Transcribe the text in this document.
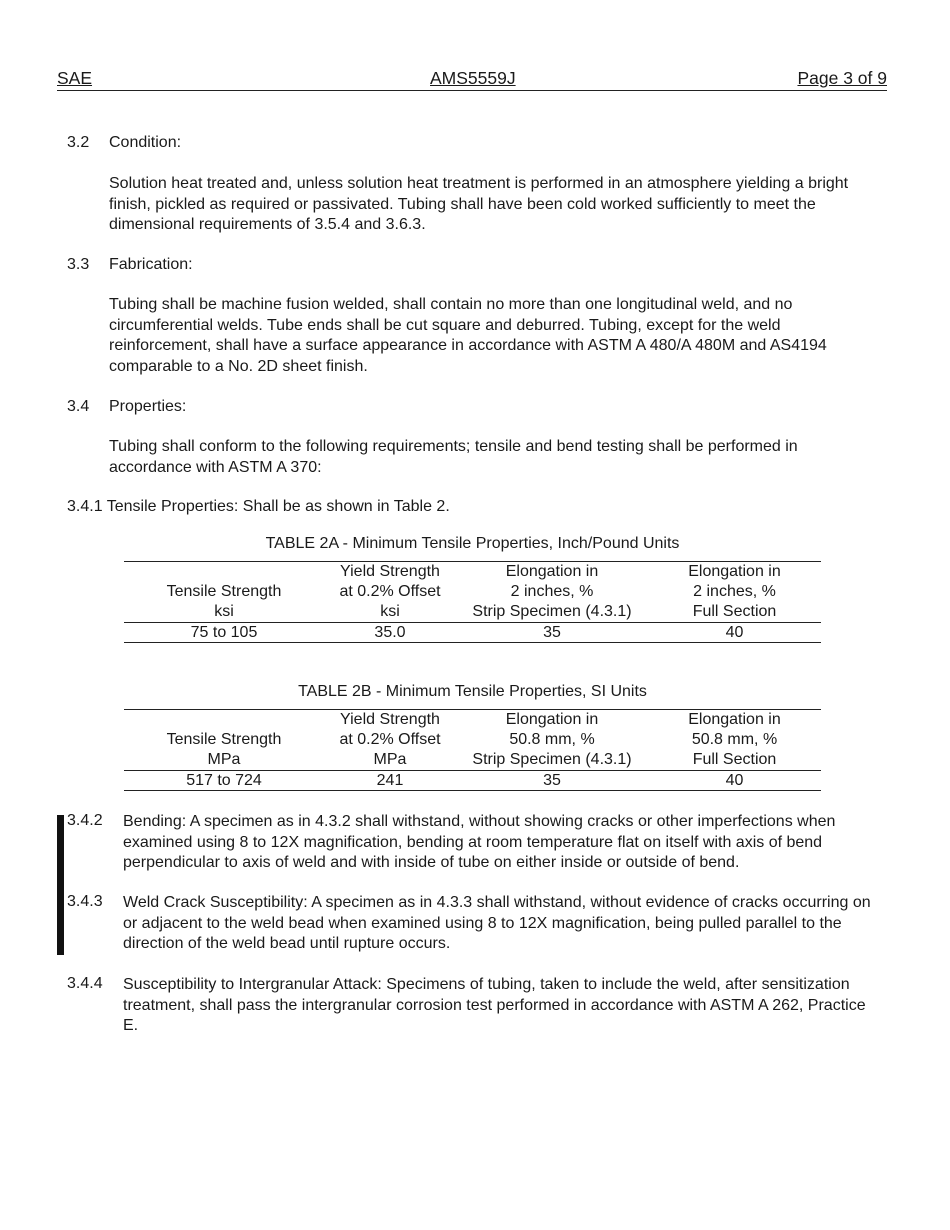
SAE	AMS5559J	Page 3 of 9
3.2 Condition:
Solution heat treated and, unless solution heat treatment is performed in an atmosphere yielding a bright finish, pickled as required or passivated. Tubing shall have been cold worked sufficiently to meet the dimensional requirements of 3.5.4 and 3.6.3.
3.3 Fabrication:
Tubing shall be machine fusion welded, shall contain no more than one longitudinal weld, and no circumferential welds. Tube ends shall be cut square and deburred. Tubing, except for the weld reinforcement, shall have a surface appearance in accordance with ASTM A 480/A 480M and AS4194 comparable to a No. 2D sheet finish.
3.4 Properties:
Tubing shall conform to the following requirements; tensile and bend testing shall be performed in accordance with ASTM A 370:
3.4.1 Tensile Properties: Shall be as shown in Table 2.
TABLE 2A - Minimum Tensile Properties, Inch/Pound Units
	Yield Strength	Elongation in	Elongation in
Tensile Strength	at 0.2% Offset	2 inches, %	2 inches, %
ksi	ksi	Strip Specimen (4.3.1)	Full Section
75 to 105	35.0	35	40
TABLE 2B - Minimum Tensile Properties, SI Units
	Yield Strength	Elongation in	Elongation in
Tensile Strength	at 0.2% Offset	50.8 mm, %	50.8 mm, %
MPa	MPa	Strip Specimen (4.3.1)	Full Section
517 to 724	241	35	40
3.4.2 Bending: A specimen as in 4.3.2 shall withstand, without showing cracks or other imperfections when examined using 8 to 12X magnification, bending at room temperature flat on itself with axis of bend perpendicular to axis of weld and with inside of tube on either inside or outside of bend.
3.4.3 Weld Crack Susceptibility: A specimen as in 4.3.3 shall withstand, without evidence of cracks occurring on or adjacent to the weld bead when examined using 8 to 12X magnification, being pulled parallel to the direction of the weld bead until rupture occurs.
3.4.4 Susceptibility to Intergranular Attack: Specimens of tubing, taken to include the weld, after sensitization treatment, shall pass the intergranular corrosion test performed in accordance with ASTM A 262, Practice E.
